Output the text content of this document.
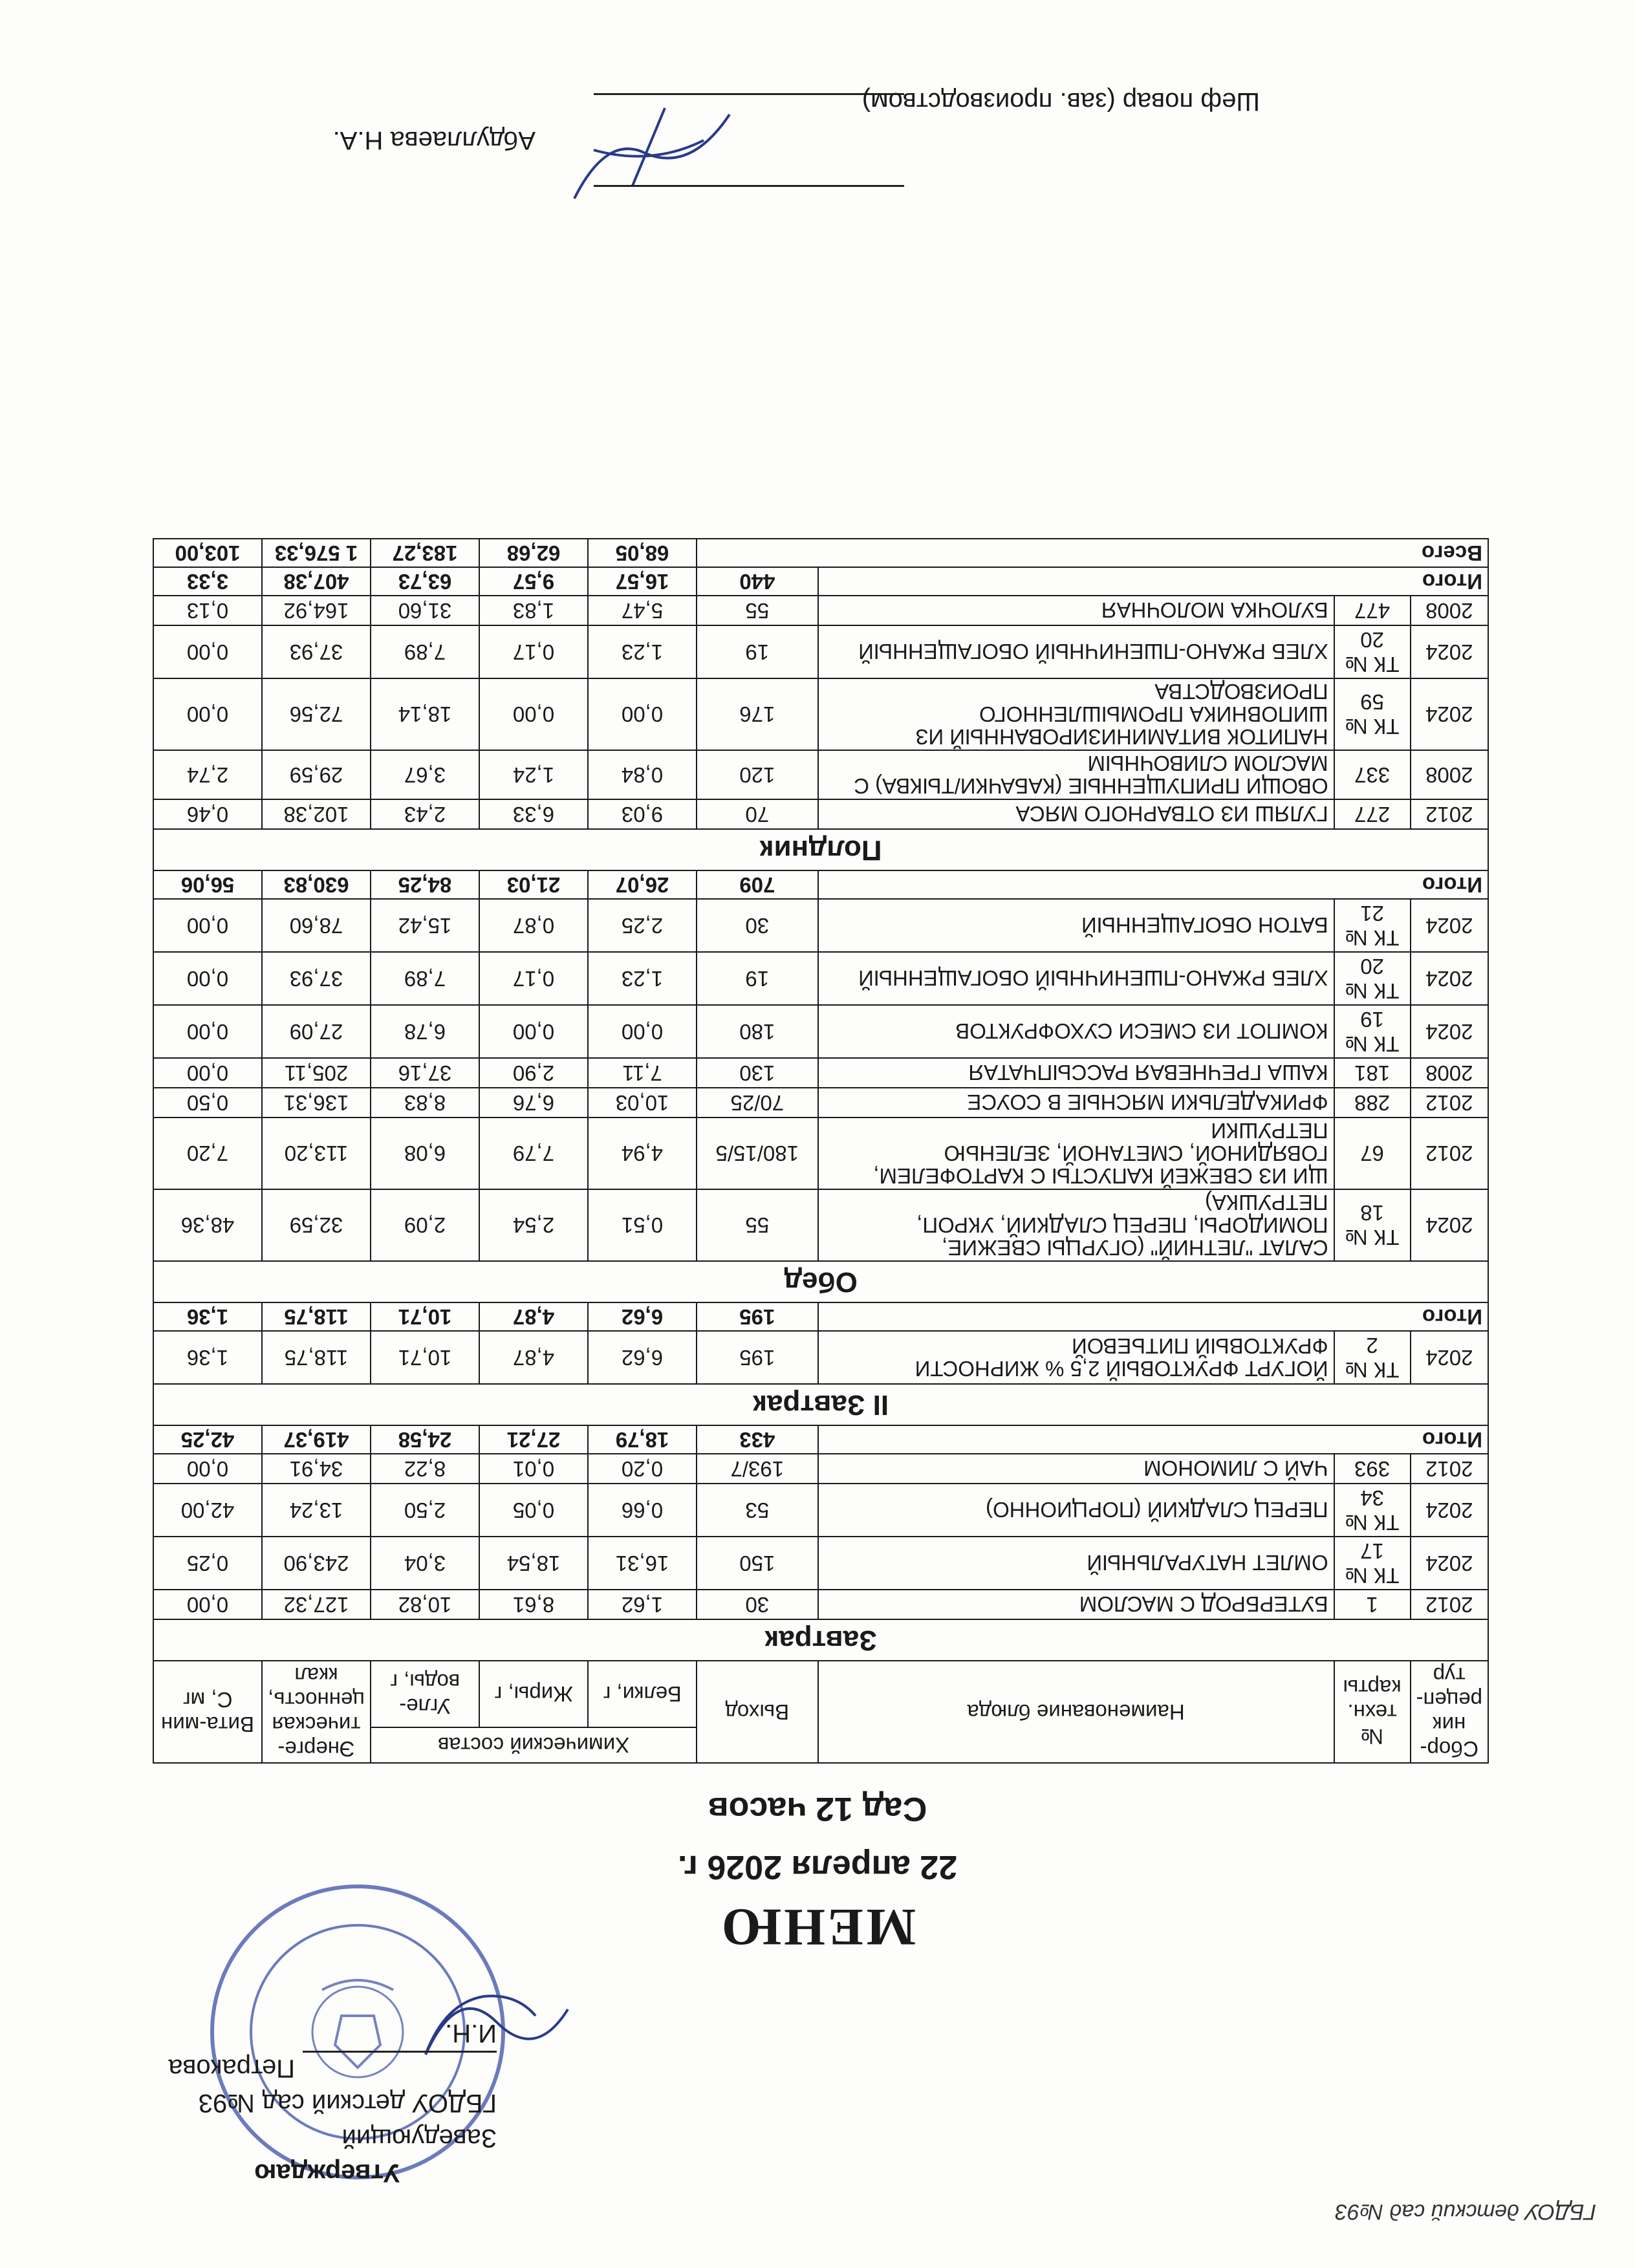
ГБДОУ детский сад №93
Утверждаю
Заведующий
ГБДОУ детский сад №93
Петракова И.Н.
МЕНЮ
22 апреля 2026 г.
Сад 12 часов
Сбор-ник рецеп-тур	№ техн. карты	Наименование блюда	Выход	Химический состав			Энерге-тическая ценность, ккал	Вита-мин С, мг
				Белки, г	Жиры, г	Угле-воды, г		
Завтрак								
2012	1	БУТЕРБРОД С МАСЛОМ	30	1,62	8,61	10,82	127,32	0,00
2024	ТК № 17	ОМЛЕТ НАТУРАЛЬНЫЙ	150	16,31	18,54	3,04	243,90	0,25
2024	ТК № 34	ПЕРЕЦ СЛАДКИЙ (ПОРЦИОННО)	53	0,66	0,05	2,50	13,24	42,00
2012	393	ЧАЙ С ЛИМОНОМ	193/7	0,20	0,01	8,22	34,91	0,00
Итого			433	18,79	27,21	24,58	419,37	42,25
II Завтрак								
2024	ТК № 2	ЙОГУРТ ФРУКТОВЫЙ 2,5 % ЖИРНОСТИ ФРУКТОВЫЙ ПИТЬЕВОЙ	195	6,62	4,87	10,71	118,75	1,36
Итого			195	6,62	4,87	10,71	118,75	1,36
Обед								
2024	ТК № 18	САЛАТ "ЛЕТНИЙ" (ОГУРЦЫ СВЕЖИЕ, ПОМИДОРЫ, ПЕРЕЦ СЛАДКИЙ, УКРОП, ПЕТРУШКА)	55	0,51	2,54	2,09	32,59	48,36
2012	67	ЩИ ИЗ СВЕЖЕЙ КАПУСТЫ С КАРТОФЕЛЕМ, ГОВЯДИНОЙ, СМЕТАНОЙ, ЗЕЛЕНЬЮ ПЕТРУШКИ	180/15/5	4,94	7,79	6,08	113,20	7,20
2012	288	ФРИКАДЕЛЬКИ МЯСНЫЕ В СОУСЕ	70/25	10,03	6,76	8,83	136,31	0,50
2008	181	КАША ГРЕЧНЕВАЯ РАССЫПЧАТАЯ	130	7,11	2,90	37,16	205,11	0,00
2024	ТК № 19	КОМПОТ ИЗ СМЕСИ СУХОФРУКТОВ	180	0,00	0,00	6,78	27,09	0,00
2024	ТК № 20	ХЛЕБ РЖАНО-ПШЕНИЧНЫЙ ОБОГАЩЕННЫЙ	19	1,23	0,17	7,89	37,93	0,00
2024	ТК № 21	БАТОН ОБОГАЩЕННЫЙ	30	2,25	0,87	15,42	78,60	0,00
Итого			709	26,07	21,03	84,25	630,83	56,06
Полдник								
2012	277	ГУЛЯШ ИЗ ОТВАРНОГО МЯСА	70	9,03	6,33	2,43	102,38	0,46
2008	337	ОВОЩИ ПРИПУЩЕННЫЕ (КАБАЧКИ/ТЫКВА) С МАСЛОМ СЛИВОЧНЫМ	120	0,84	1,24	3,67	29,59	2,74
2024	ТК № 59	НАПИТОК ВИТАМИНИЗИРОВАННЫЙ ИЗ ШИПОВНИКА ПРОМЫШЛЕННОГО ПРОИЗВОДСТВА	176	0,00	0,00	18,14	72,56	0,00
2024	ТК № 20	ХЛЕБ РЖАНО-ПШЕНИЧНЫЙ ОБОГАЩЕННЫЙ	19	1,23	0,17	7,89	37,93	0,00
2008	477	БУЛОЧКА МОЛОЧНАЯ	55	5,47	1,83	31,60	164,92	0,13
Итого			440	16,57	9,57	63,73	407,38	3,33
Всего				68,05	62,68	183,27	1 576,33	103,00
Шеф повар (зав. производством)
Абдуллаева Н.А.
